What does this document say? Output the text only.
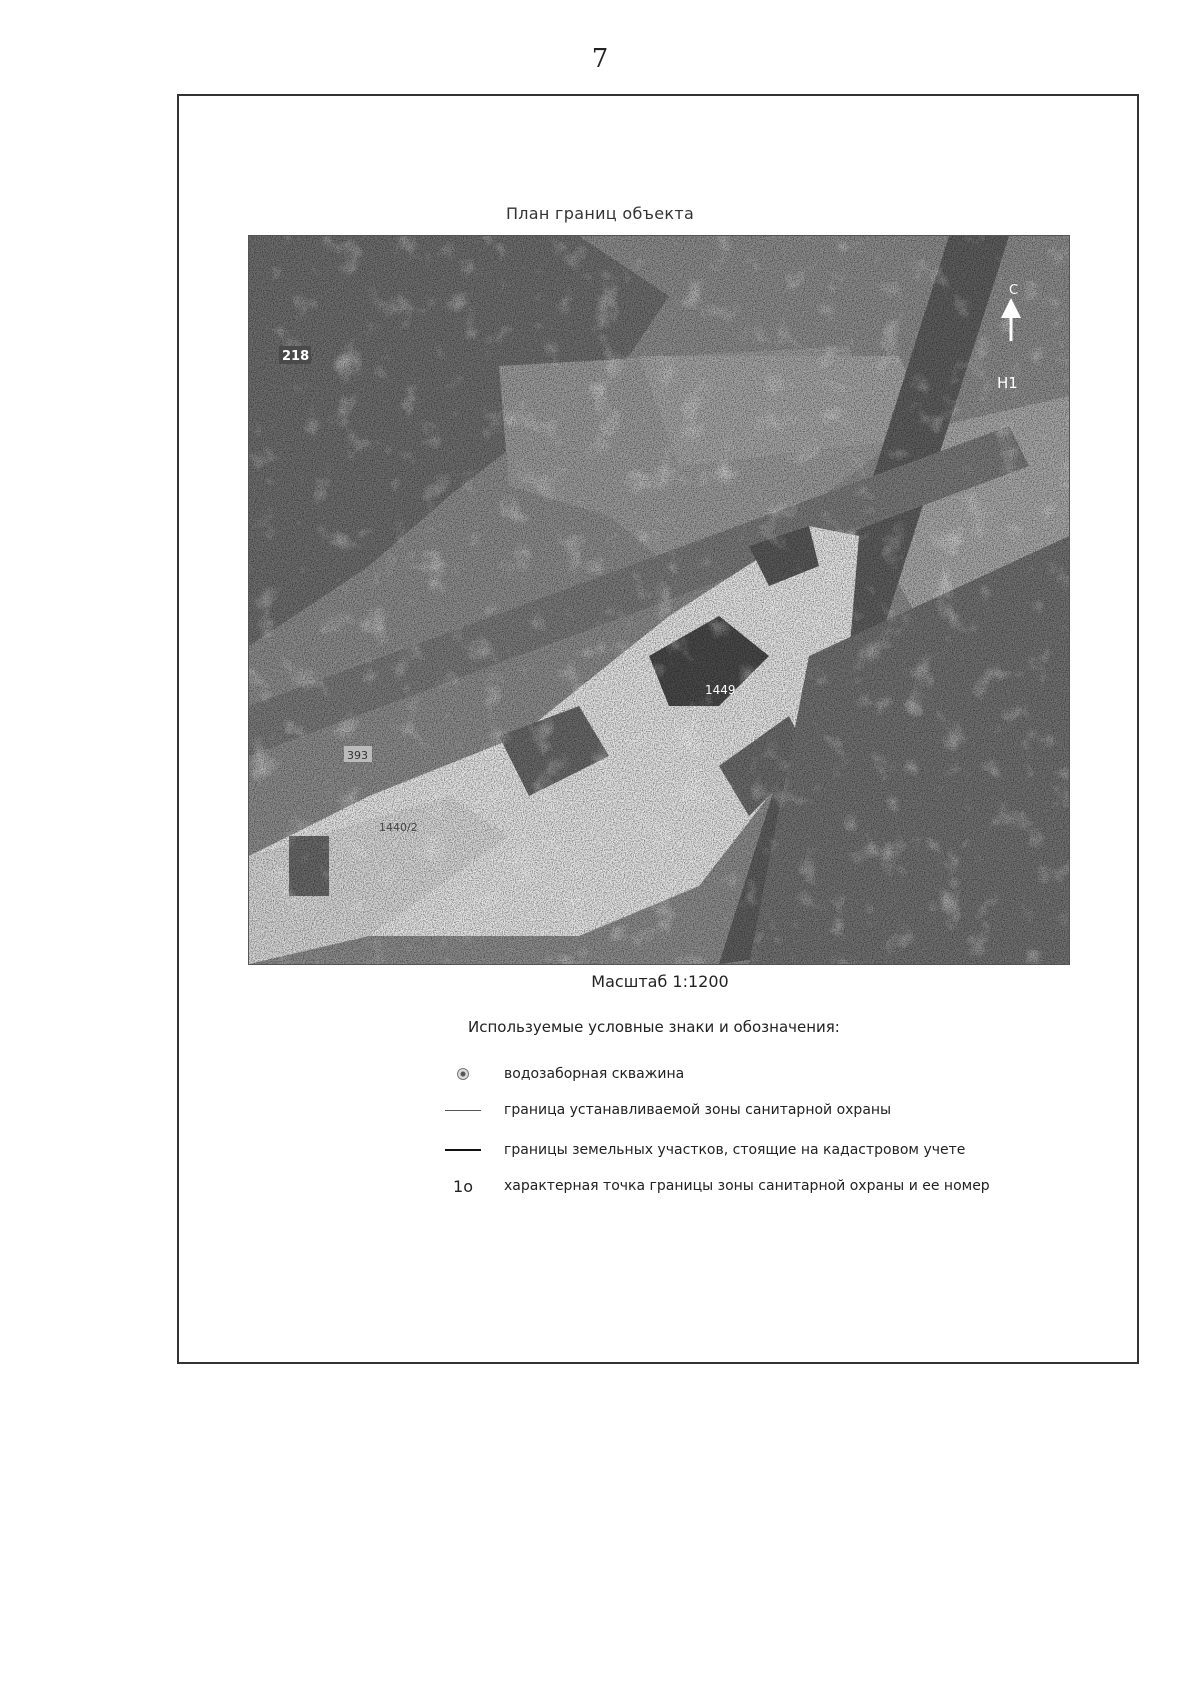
7
План границ объекта
С
218
Н1
1449
393
1440/2
Масштаб 1:1200
Используемые условные знаки и обозначения:
водозаборная скважина
граница устанавливаемой зоны санитарной охраны
границы земельных участков, стоящие на кадастровом учете
1о	характерная точка границы зоны санитарной охраны и ее номер
